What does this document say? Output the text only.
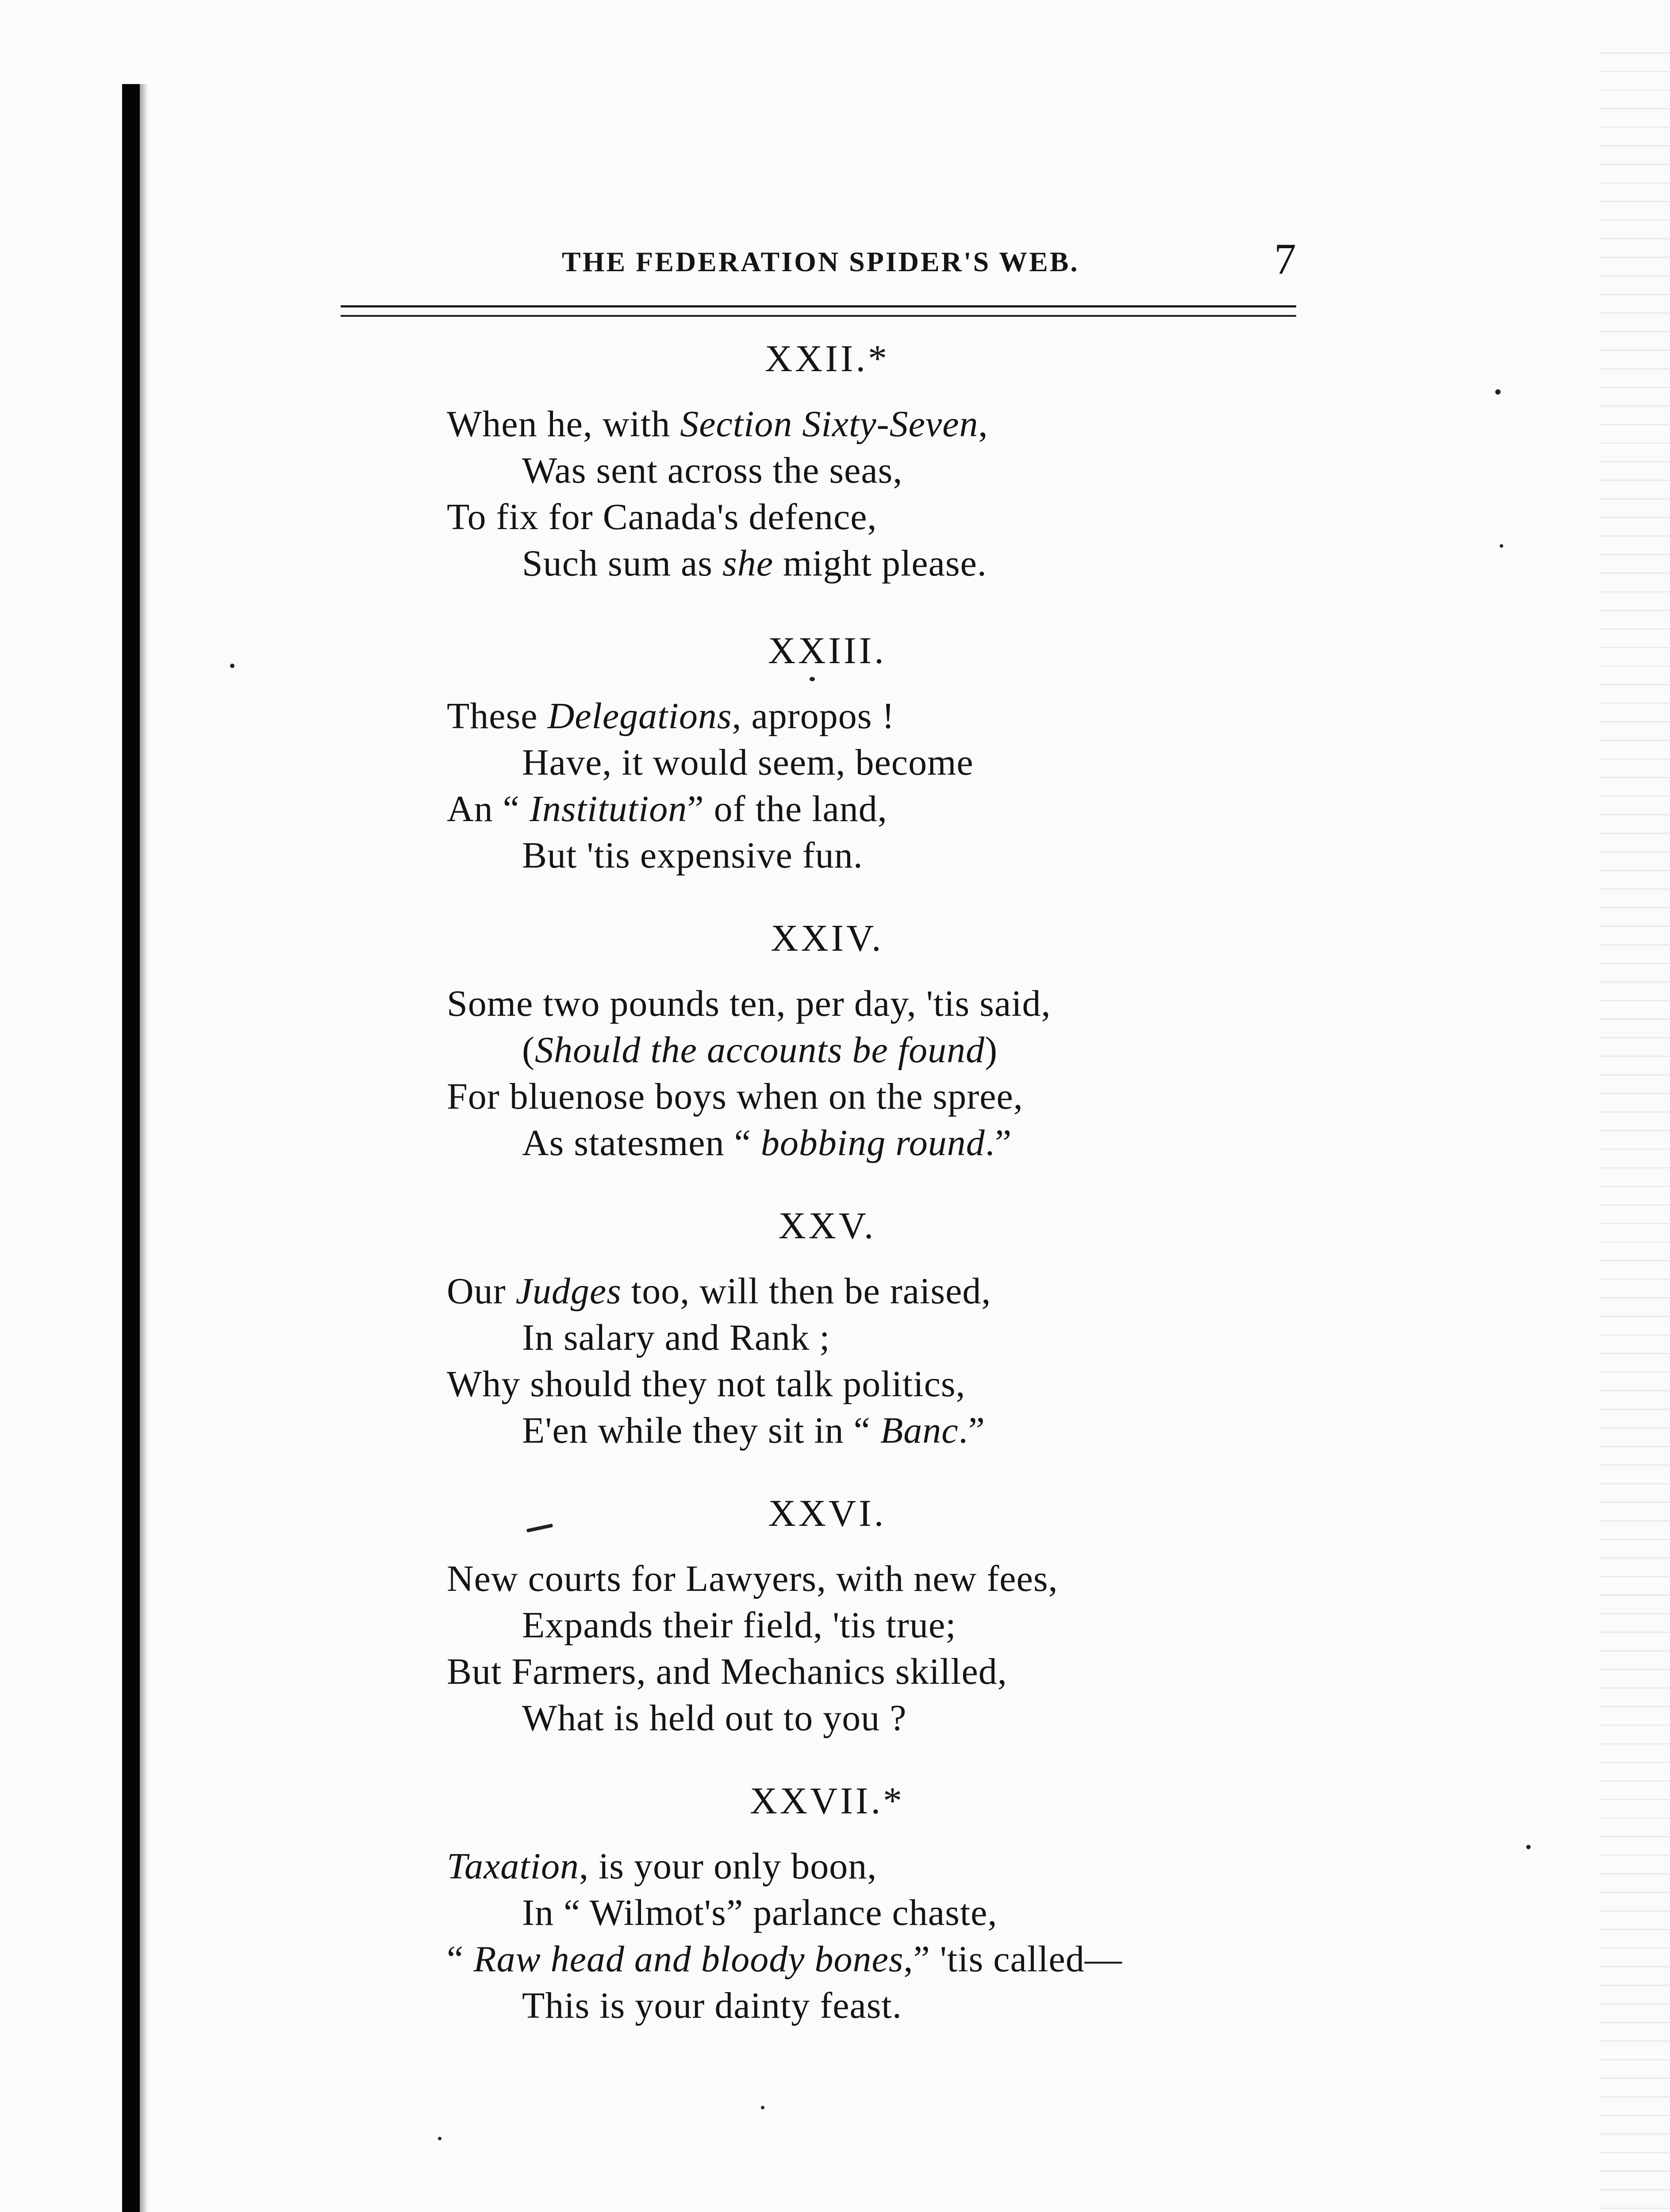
THE FEDERATION SPIDER'S WEB.	7
XXII.*
When he, with Section Sixty-Seven,
Was sent across the seas,
To fix for Canada's defence,
Such sum as she might please.
XXIII.
These Delegations, apropos !
Have, it would seem, become
An “ Institution” of the land,
But 'tis expensive fun.
XXIV.
Some two pounds ten, per day, 'tis said,
(Should the accounts be found)
For bluenose boys when on the spree,
As statesmen “ bobbing round.”
XXV.
Our Judges too, will then be raised,
In salary and Rank ;
Why should they not talk politics,
E'en while they sit in “ Banc.”
XXVI.
New courts for Lawyers, with new fees,
Expands their field, 'tis true;
But Farmers, and Mechanics skilled,
What is held out to you ?
XXVII.*
Taxation, is your only boon,
In “ Wilmot's” parlance chaste,
“ Raw head and bloody bones,” 'tis called—
This is your dainty feast.
